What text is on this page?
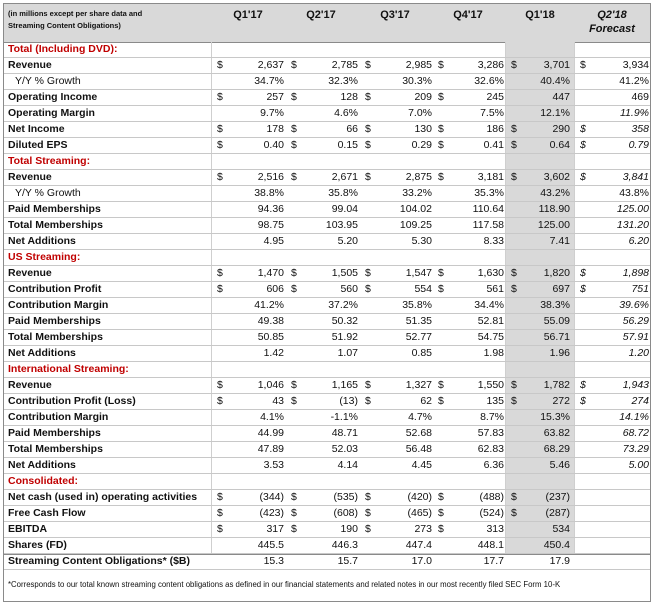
(in millions except per share data and
Streaming Content Obligations)
Q1'17	Q2'17	Q3'17	Q4'17	Q1'18	Q2'18
Forecast
Total (Including DVD):
Revenue	$	2,637 $	2,785 $	2,985 $	3,286 $	3,701 $	3,934
Y/Y % Growth	34.7%	32.3%	30.3%	32.6%	40.4%	41.2%
Operating Income	$	257 $	128 $	209 $	245	447	469
Operating Margin	9.7%	4.6%	7.0%	7.5%	12.1%	11.9%
Net Income	$	178 $	66 $	130 $	186 $	290 $	358
Diluted EPS	$	0.40 $	0.15 $	0.29 $	0.41 $	0.64 $	0.79
Total Streaming:
Revenue	$	2,516 $	2,671 $	2,875 $	3,181 $	3,602 $	3,841
Y/Y % Growth	38.8%	35.8%	33.2%	35.3%	43.2%	43.8%
Paid Memberships	94.36	99.04	104.02	110.64	118.90	125.00
Total Memberships	98.75	103.95	109.25	117.58	125.00	131.20
Net Additions	4.95	5.20	5.30	8.33	7.41	6.20
US Streaming:
Revenue	$	1,470 $	1,505 $	1,547 $	1,630 $	1,820 $	1,898
Contribution Profit	$	606 $	560 $	554 $	561 $	697 $	751
Contribution Margin	41.2%	37.2%	35.8%	34.4%	38.3%	39.6%
Paid Memberships	49.38	50.32	51.35	52.81	55.09	56.29
Total Memberships	50.85	51.92	52.77	54.75	56.71	57.91
Net Additions	1.42	1.07	0.85	1.98	1.96	1.20
International Streaming:
Revenue	$	1,046 $	1,165 $	1,327 $	1,550 $	1,782 $	1,943
Contribution Profit (Loss)	$	43 $	(13) $	62 $	135 $	272 $	274
Contribution Margin	4.1%	-1.1%	4.7%	8.7%	15.3%	14.1%
Paid Memberships	44.99	48.71	52.68	57.83	63.82	68.72
Total Memberships	47.89	52.03	56.48	62.83	68.29	73.29
Net Additions	3.53	4.14	4.45	6.36	5.46	5.00
Consolidated:
Net cash (used in) operating activities $	(344) $	(535) $	(420) $	(488) $	(237)
Free Cash Flow	$	(423) $	(608) $	(465) $	(524) $	(287)
EBITDA	$	317 $	190 $	273 $	313	534
Shares (FD)	445.5	446.3	447.4	448.1	450.4
Streaming Content Obligations* ($B)	15.3	15.7	17.0	17.7	17.9
*Corresponds to our total known streaming content obligations as defined in our financial statements and related notes in our most recently filed SEC Form 10-K
